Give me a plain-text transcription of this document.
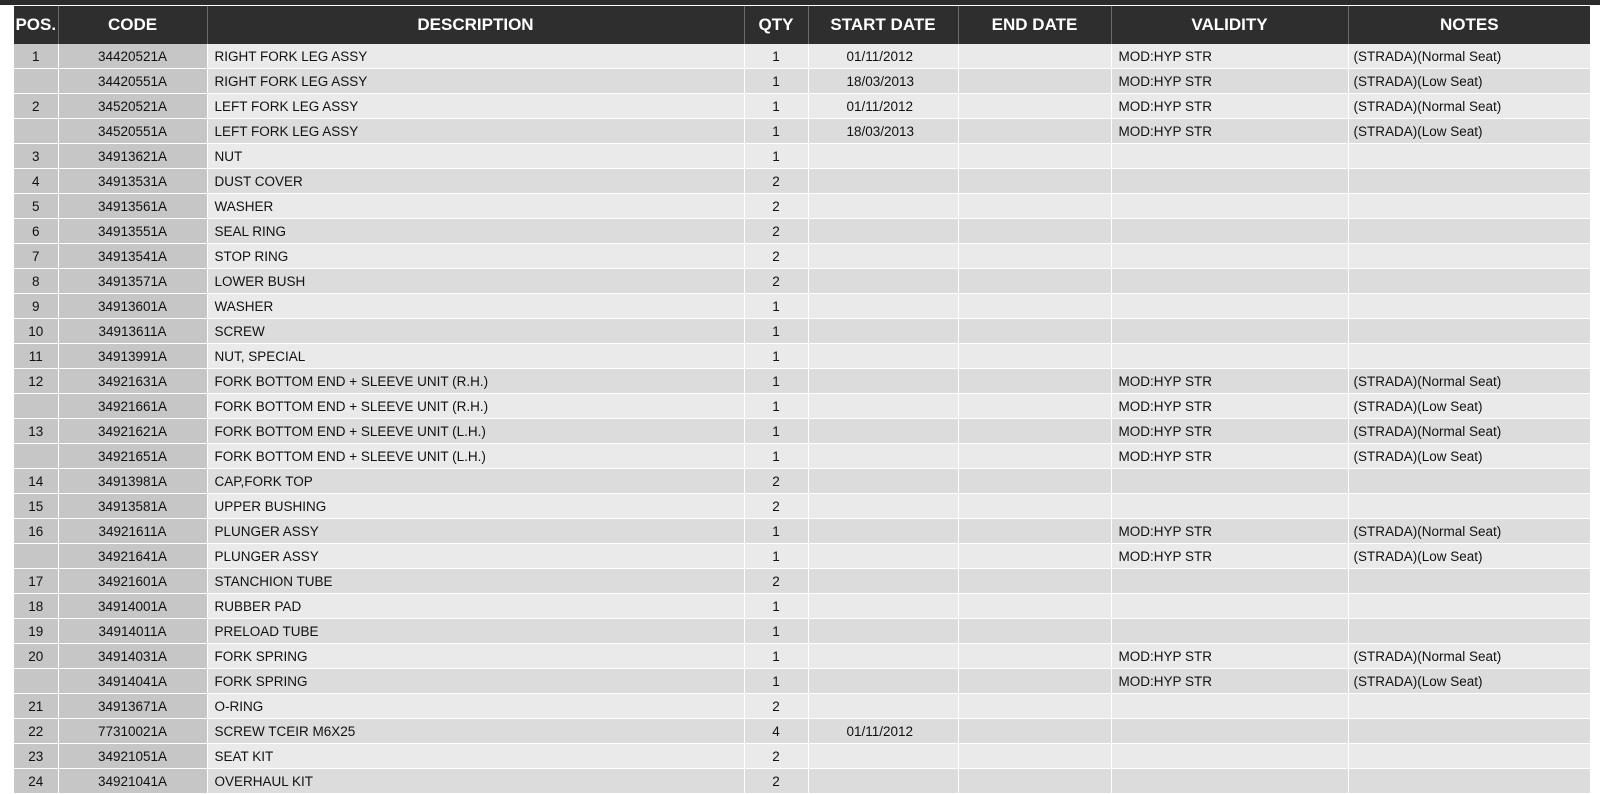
POS.	CODE	DESCRIPTION	QTY	START DATE	END DATE	VALIDITY	NOTES
1	34420521A	RIGHT FORK LEG ASSY	1	01/11/2012		MOD:HYP STR	(STRADA)(Normal Seat)
	34420551A	RIGHT FORK LEG ASSY	1	18/03/2013		MOD:HYP STR	(STRADA)(Low Seat)
2	34520521A	LEFT FORK LEG ASSY	1	01/11/2012		MOD:HYP STR	(STRADA)(Normal Seat)
	34520551A	LEFT FORK LEG ASSY	1	18/03/2013		MOD:HYP STR	(STRADA)(Low Seat)
3	34913621A	NUT	1				
4	34913531A	DUST COVER	2				
5	34913561A	WASHER	2				
6	34913551A	SEAL RING	2				
7	34913541A	STOP RING	2				
8	34913571A	LOWER BUSH	2				
9	34913601A	WASHER	1				
10	34913611A	SCREW	1				
11	34913991A	NUT, SPECIAL	1				
12	34921631A	FORK BOTTOM END + SLEEVE UNIT (R.H.)	1			MOD:HYP STR	(STRADA)(Normal Seat)
	34921661A	FORK BOTTOM END + SLEEVE UNIT (R.H.)	1			MOD:HYP STR	(STRADA)(Low Seat)
13	34921621A	FORK BOTTOM END + SLEEVE UNIT (L.H.)	1			MOD:HYP STR	(STRADA)(Normal Seat)
	34921651A	FORK BOTTOM END + SLEEVE UNIT (L.H.)	1			MOD:HYP STR	(STRADA)(Low Seat)
14	34913981A	CAP,FORK TOP	2				
15	34913581A	UPPER BUSHING	2				
16	34921611A	PLUNGER ASSY	1			MOD:HYP STR	(STRADA)(Normal Seat)
	34921641A	PLUNGER ASSY	1			MOD:HYP STR	(STRADA)(Low Seat)
17	34921601A	STANCHION TUBE	2				
18	34914001A	RUBBER PAD	1				
19	34914011A	PRELOAD TUBE	1				
20	34914031A	FORK SPRING	1			MOD:HYP STR	(STRADA)(Normal Seat)
	34914041A	FORK SPRING	1			MOD:HYP STR	(STRADA)(Low Seat)
21	34913671A	O-RING	2				
22	77310021A	SCREW TCEIR M6X25	4	01/11/2012			
23	34921051A	SEAT KIT	2				
24	34921041A	OVERHAUL KIT	2				
